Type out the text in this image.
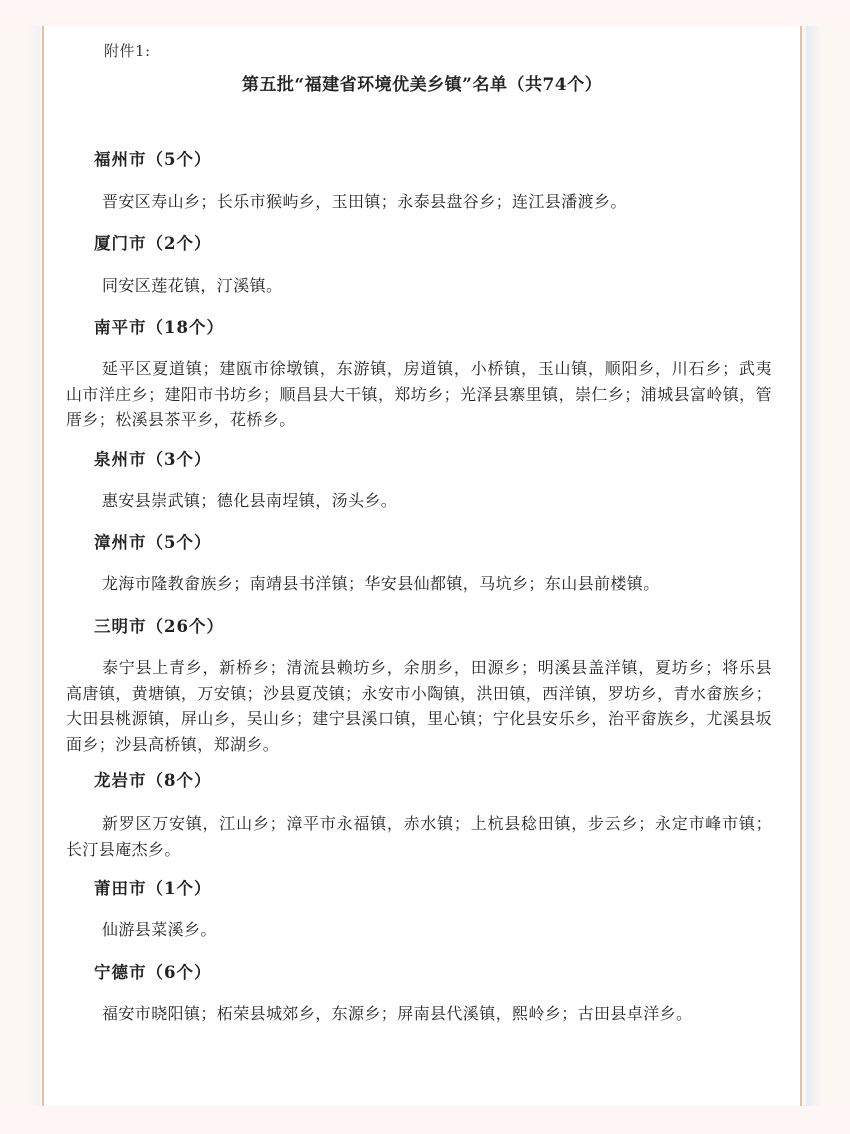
附件1:
第五批“福建省环境优美乡镇”名单（共74个）
福州市（5个）
晋安区寿山乡；长乐市猴屿乡，玉田镇；永泰县盘谷乡；连江县潘渡乡。
厦门市（2个）
同安区莲花镇，汀溪镇。
南平市（18个）
延平区夏道镇；建瓯市徐墩镇，东游镇，房道镇，小桥镇，玉山镇，顺阳乡，川石乡；武夷山市洋庄乡；建阳市书坊乡；顺昌县大干镇，郑坊乡；光泽县寨里镇，崇仁乡；浦城县富岭镇，管厝乡；松溪县茶平乡，花桥乡。
泉州市（3个）
惠安县崇武镇；德化县南埕镇，汤头乡。
漳州市（5个）
龙海市隆教畲族乡；南靖县书洋镇；华安县仙都镇，马坑乡；东山县前楼镇。
三明市（26个）
泰宁县上青乡，新桥乡；清流县赖坊乡，余朋乡，田源乡；明溪县盖洋镇，夏坊乡；将乐县高唐镇，黄塘镇，万安镇；沙县夏茂镇；永安市小陶镇，洪田镇，西洋镇，罗坊乡，青水畲族乡；大田县桃源镇，屏山乡，吴山乡；建宁县溪口镇，里心镇；宁化县安乐乡，治平畲族乡，尤溪县坂面乡；沙县高桥镇，郑湖乡。
龙岩市（8个）
新罗区万安镇，江山乡；漳平市永福镇，赤水镇；上杭县稔田镇，步云乡；永定市峰市镇；长汀县庵杰乡。
莆田市（1个）
仙游县菜溪乡。
宁德市（6个）
福安市晓阳镇；柘荣县城郊乡，东源乡；屏南县代溪镇，熙岭乡；古田县卓洋乡。
